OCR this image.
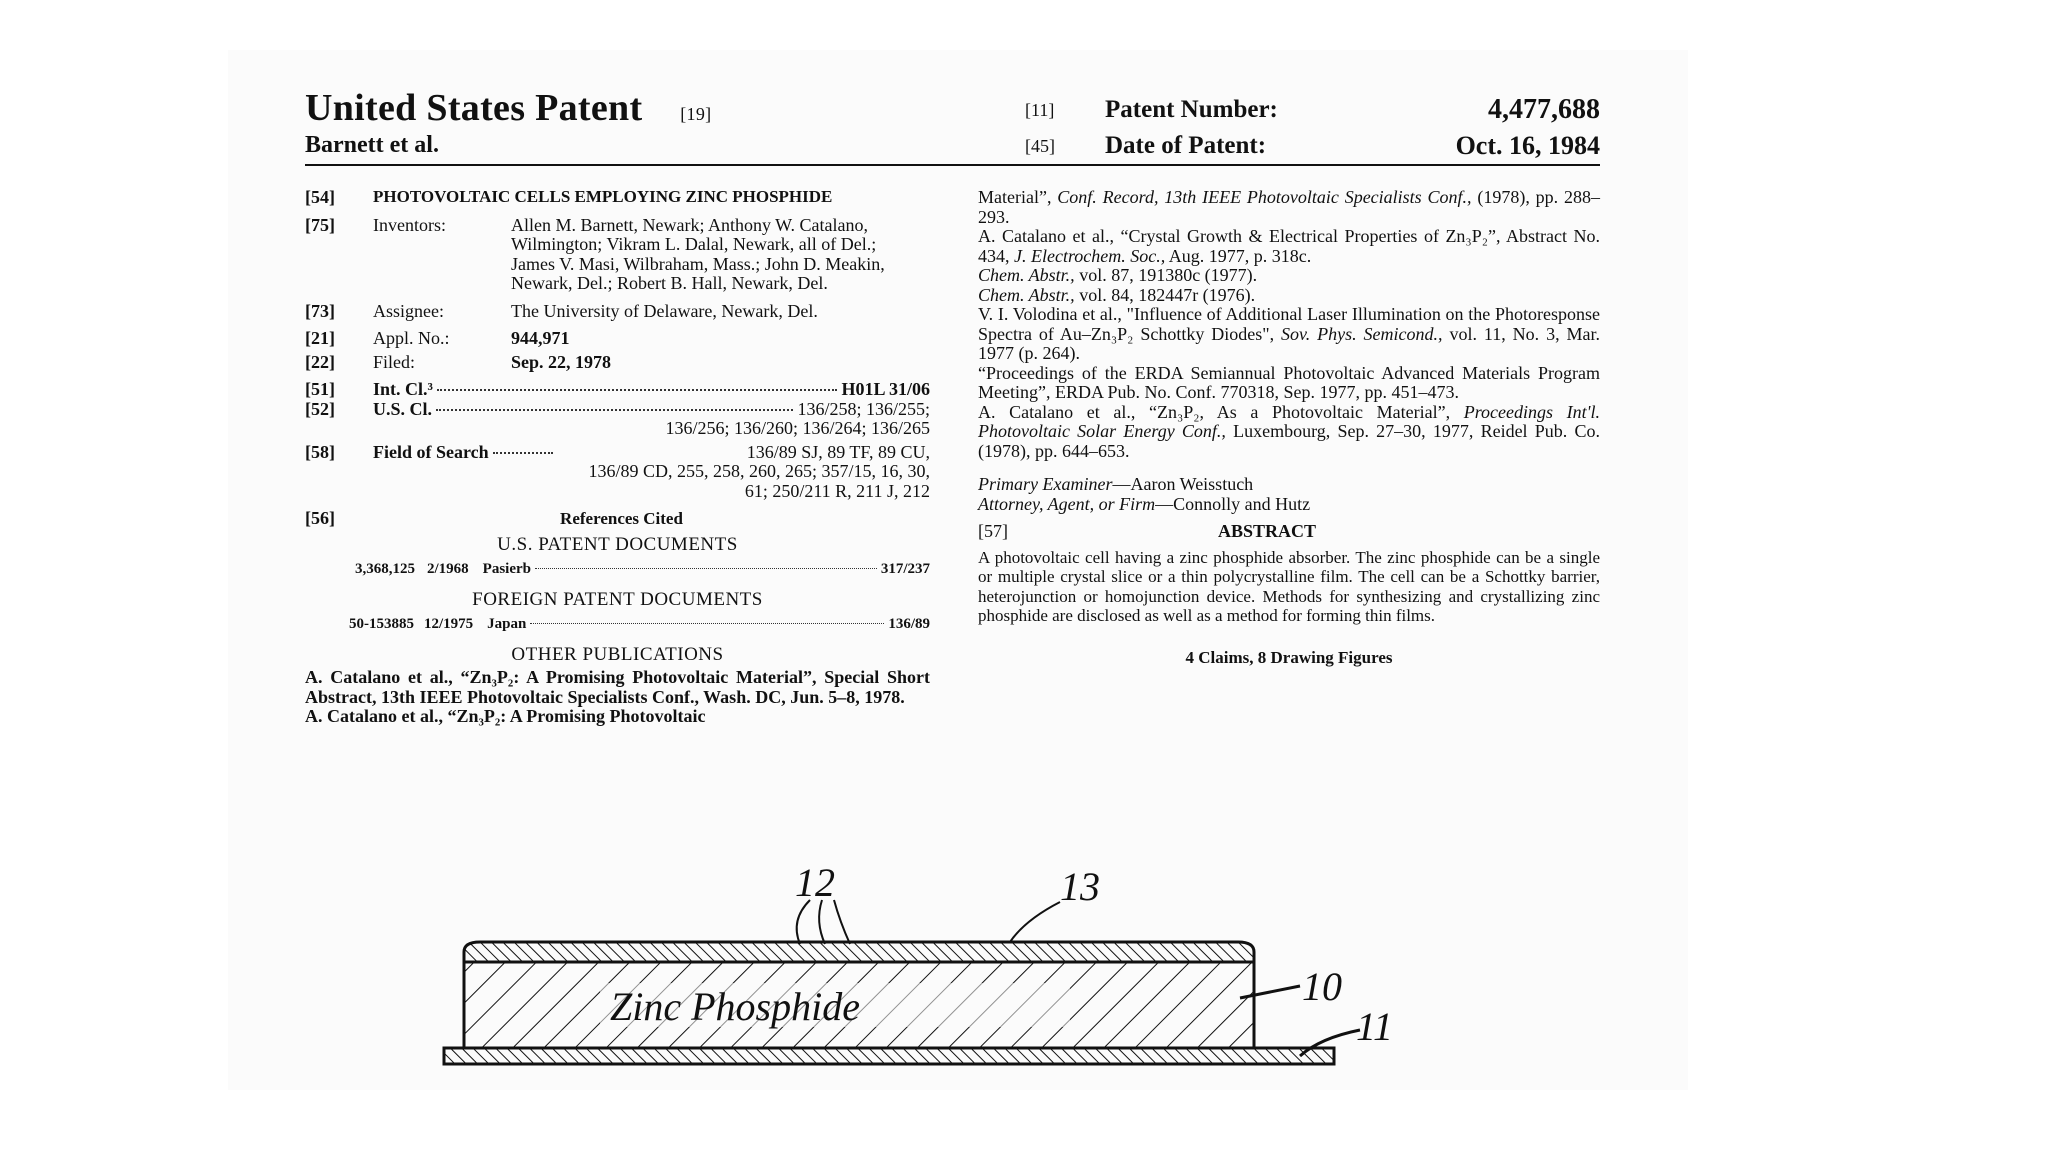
United States Patent [19]
Barnett et al.
[11] Patent Number:	4,477,688
[45] Date of Patent:	Oct. 16, 1984
[54]	PHOTOVOLTAIC CELLS EMPLOYING ZINC PHOSPHIDE
[75]	Inventors:	Allen M. Barnett, Newark; Anthony W. Catalano, Wilmington; Vikram L. Dalal, Newark, all of Del.; James V. Masi, Wilbraham, Mass.; John D. Meakin, Newark, Del.; Robert B. Hall, Newark, Del.
[73]	Assignee:	The University of Delaware, Newark, Del.
[21]	Appl. No.:	944,971
[22]	Filed:	Sep. 22, 1978
[51]	Int. Cl.³	H01L 31/06
[52]	U.S. Cl.	136/258; 136/255;
136/256; 136/260; 136/264; 136/265
[58]	Field of Search	136/89 SJ, 89 TF, 89 CU,
136/89 CD, 255, 258, 260, 265; 357/15, 16, 30,
61; 250/211 R, 211 J, 212
[56]	References Cited
U.S. PATENT DOCUMENTS
3,368,125 2/1968 Pasierb	317/237
FOREIGN PATENT DOCUMENTS
50-153885 12/1975 Japan	136/89
OTHER PUBLICATIONS
A. Catalano et al., “Zn₃P₂: A Promising Photovoltaic Material”, Special Short Abstract, 13th IEEE Photovoltaic Specialists Conf., Wash. DC, Jun. 5–8, 1978.
A. Catalano et al., “Zn₃P₂: A Promising Photovoltaic
Material”, Conf. Record, 13th IEEE Photovoltaic Specialists Conf., (1978), pp. 288–293.
A. Catalano et al., “Crystal Growth & Electrical Properties of Zn₃P₂”, Abstract No. 434, J. Electrochem. Soc., Aug. 1977, p. 318c.
Chem. Abstr., vol. 87, 191380c (1977).
Chem. Abstr., vol. 84, 182447r (1976).
V. I. Volodina et al., "Influence of Additional Laser Illumination on the Photoresponse Spectra of Au–Zn₃P₂ Schottky Diodes", Sov. Phys. Semicond., vol. 11, No. 3, Mar. 1977 (p. 264).
“Proceedings of the ERDA Semiannual Photovoltaic Advanced Materials Program Meeting”, ERDA Pub. No. Conf. 770318, Sep. 1977, pp. 451–473.
A. Catalano et al., “Zn₃P₂, As a Photovoltaic Material”, Proceedings Int'l. Photovoltaic Solar Energy Conf., Luxembourg, Sep. 27–30, 1977, Reidel Pub. Co. (1978), pp. 644–653.
Primary Examiner—Aaron Weisstuch
Attorney, Agent, or Firm—Connolly and Hutz
[57]	ABSTRACT
A photovoltaic cell having a zinc phosphide absorber. The zinc phosphide can be a single or multiple crystal slice or a thin polycrystalline film. The cell can be a Schottky barrier, heterojunction or homojunction device. Methods for synthesizing and crystallizing zinc phosphide are disclosed as well as a method for forming thin films.
4 Claims, 8 Drawing Figures
Zinc Phosphide
12	13
10
11
